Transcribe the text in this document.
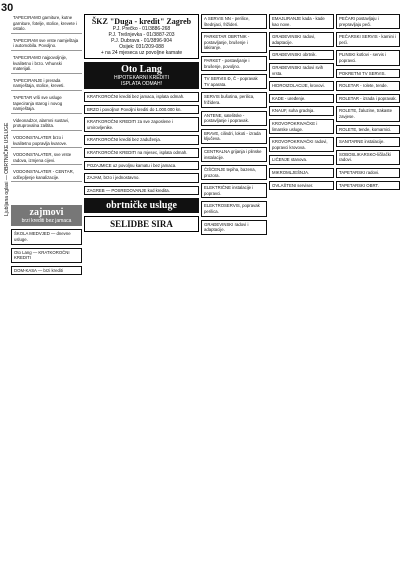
30
Ljubljana oglasi — OBRTNIČKE USLUGE
TAPECIRAMO garniture, kutne garniture, fotelje, stolice, krevete i ostalo.
TAPECIRAM sve vrste namještaja i automobila. Povoljno.
TAPECIRAMO najpovoljnije, kvalitetno i brzo. Vrhunski materijali.
TAPECIRANJE i prerada namještaja, stolice, kreveti.
TAPETAR vrši sve usluge tapeciranja starog i novog namještaja.
Videonadzor, alarmni sustavi, protuprovalna zaštita.
VODOINSTALATER brzo i kvalitetno popravlja kvarove.
VODOINSTALATER, sve vrste radova, izmjena cijevi.
VODOINSTALATER - CENTAR, odčepljenje kanalizacije.
zajmovi
brzi krediti bez jamaca
ŠKOLA MEDVJED — dnevne usluge.
Oto Lang — KRATKOROČNI KREDITI
DOM-KASA — brzi krediti
ŠKZ "Duga - kredit" Zagreb
P.J. Prečko - 01/3886-268
P.J. Trešnjevka - 01/3887-203
P.J. Dubrava - 01/3896-904
Osijek: 031/209-088
+ na 24 mjeseca uz povoljne kamate
Oto Lang
HIPOTEKARNI KREDITI
ISPLATA ODMAH!
KRATKOROČNI krediti bez jamaca, isplata odmah.
BRZO i povoljno! Povoljni krediti do 1.000.000 kn.
KRATKOROČNI KREDITI za sve zaposlene i umirovljenike.
KRATKOROČNI krediti bez zaduženja.
KRATKOROČNI KREDITI na mjesec, isplata odmah.
POZAJMICE uz povoljnu kamatu i bez jamaca.
ZAJAM, brzo i jednostavno.
ZAGREB — POSREDOVANJE kod kredita.
obrtničke usluge
SELIDBE SIRA
A SERVIS NN - perilice, štednjaci, frižideri.
PARKETAR OBRTNIK - postavljanje, brušenje i lakiranje.
PARKET - postavljanje i brušenje, povoljno.
TV SERVIS Đ, Č - popravak TV aparata.
SERVIS bušotina, perilica, frižidera.
ANTENE, satelitske - postavljanje i popravak.
BRAVE, cilindri, lokoti - izrada ključeva.
CENTRALNA grijanja i plinske instalacije.
ČIŠĆENJE tepiha, bazena, prozora.
ELEKTRIČNE instalacije i popravci.
ELEKTROSERVIS, popravak perilica.
GRAĐEVINSKI radovi i adaptacije.
EMAJLIRANJE kada - kade kao nove.
GRAĐEVINSKI radovi, adaptacije.
GRAĐEVINSKI obrtnik.
GRAĐEVINSKI radovi svih vrsta.
HIDROIZOLACIJE, krovovi.
KADE - uređenje.
KNAUF, suha gradnja.
KROVOPOKRIVAČKE i limarske usluge.
KROVOPOKRIVAČKI radovi, popravci krovova.
LIČENJE stanova.
MIKROMLJEŠNJA.
OVLAŠTENI serviser.
PEČARI postavljaju i prepravljaju peći.
PEČARSKI SERVIS - kamini i peći.
PLINSKI kotlovi - servis i popravci.
POKRETNI TV SERVIS.
ROLETAR - rolete, tende.
ROLETAR - izrada i popravak.
ROLETE, žaluzine, trakaste zavjese.
ROLETE, tende, komarnici.
SANITARNE instalacije.
SOBOSLIKARSKO-ličilački radovi.
TAPETARSKI radovi.
TAPETARSKI OBRT.
